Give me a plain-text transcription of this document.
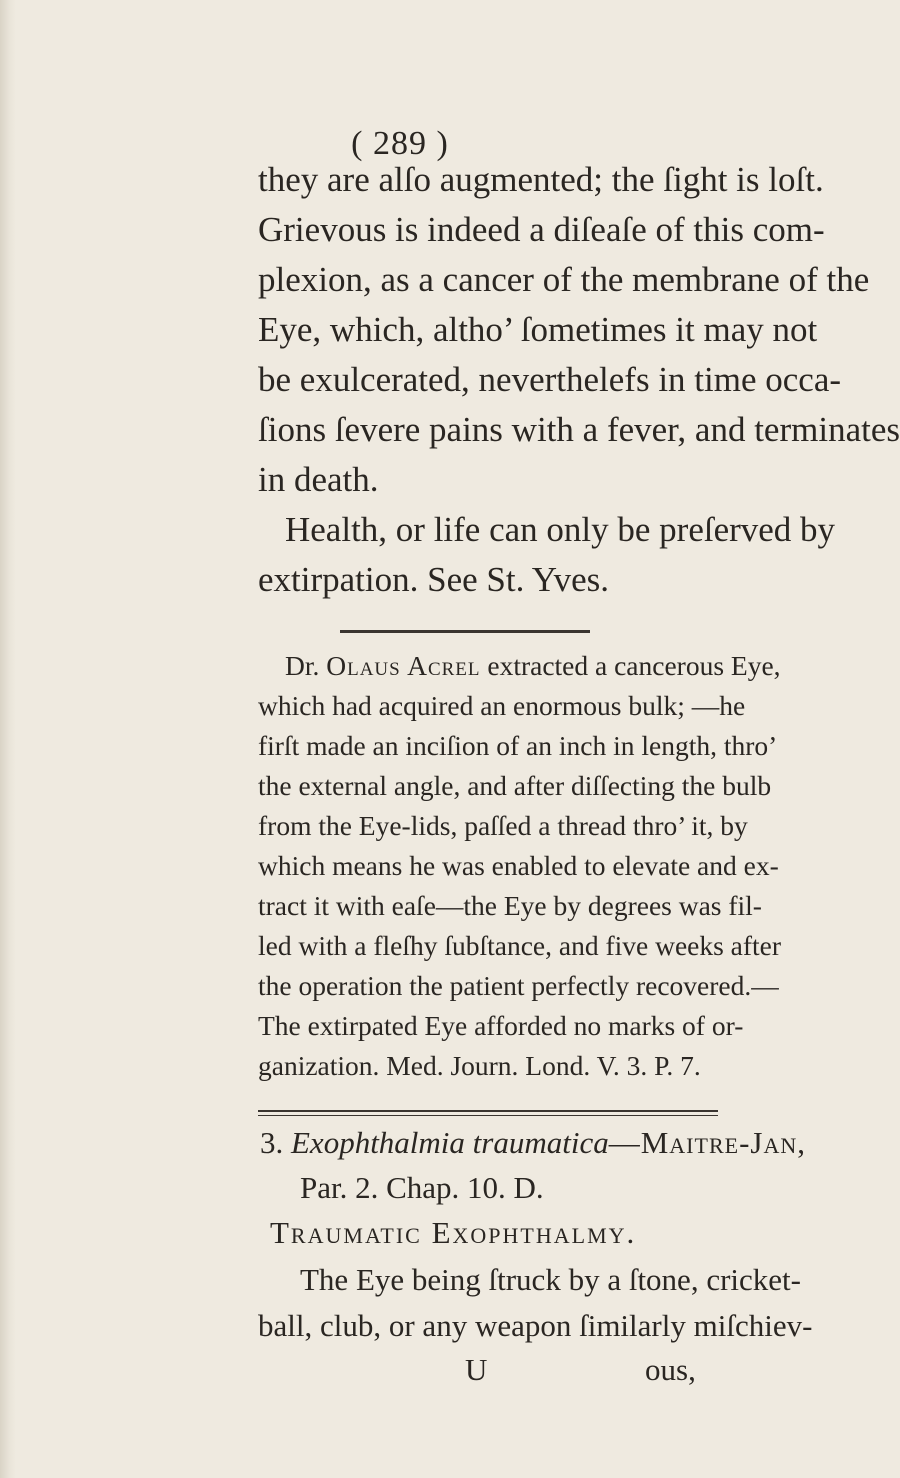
( 289 )
they are alſo augmented; the ſight is loſt.
Grievous is indeed a diſeaſe of this com-
plexion, as a cancer of the membrane of the
Eye, which, altho’ ſometimes it may not
be exulcerated, neverthelefs in time occa-
ſions ſevere pains with a fever, and terminates
in death.
Health, or life can only be preſerved by
extirpation. See St. Yves.
Dr. Olaus Acrel extracted a cancerous Eye,
which had acquired an enormous bulk; —he
firſt made an inciſion of an inch in length, thro’
the external angle, and after diſſecting the bulb
from the Eye-lids, paſſed a thread thro’ it, by
which means he was enabled to elevate and ex-
tract it with eaſe—the Eye by degrees was fil-
led with a fleſhy ſubſtance, and five weeks after
the operation the patient perfectly recovered.—
The extirpated Eye afforded no marks of or-
ganization. Med. Journ. Lond. V. 3. P. 7.
3. Exophthalmia traumatica—Maitre-Jan,
Par. 2. Chap. 10. D.
Traumatic Exophthalmy.
The Eye being ſtruck by a ſtone, cricket-
ball, club, or any weapon ſimilarly miſchiev-
U	ous,
